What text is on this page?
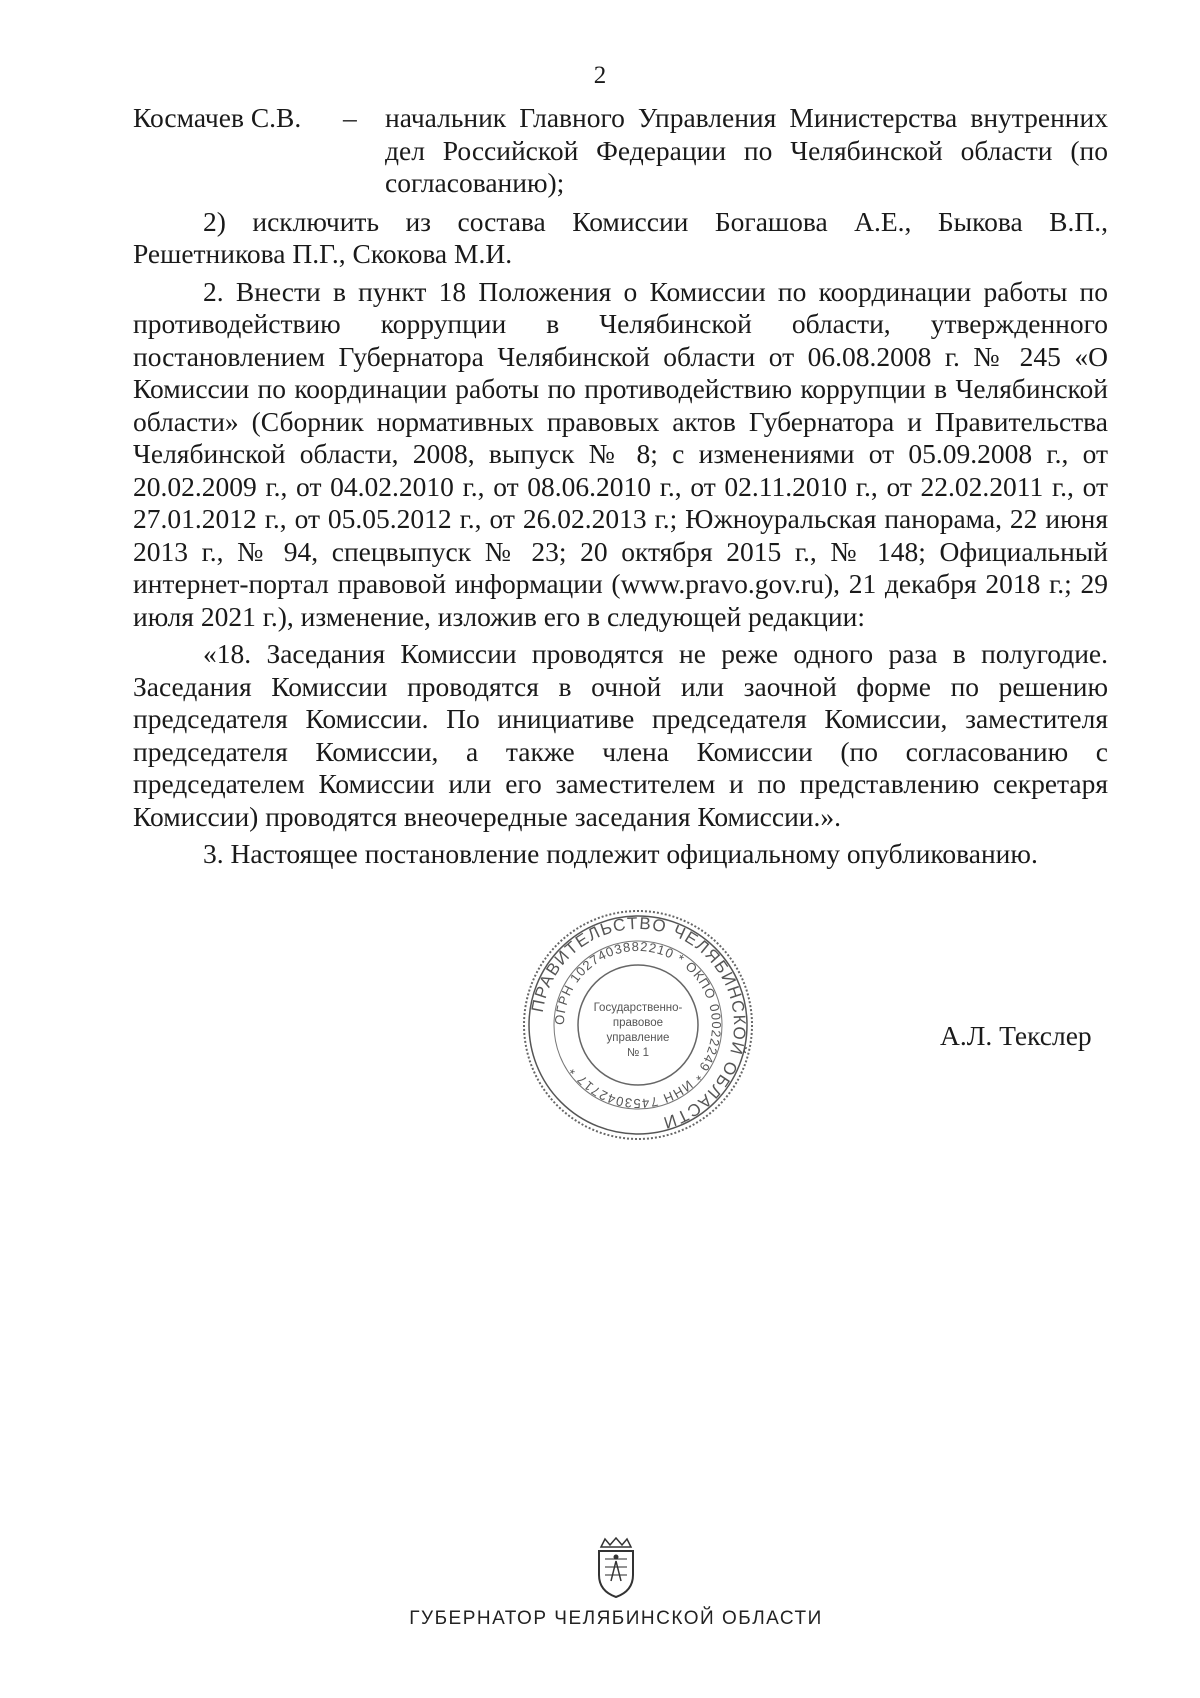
2
Космачев С.В.	–	начальник Главного Управления Министерства внутренних дел Российской Федерации по Челябинской области (по согласованию);

2) исключить из состава Комиссии Богашова А.Е., Быкова В.П., Решетникова П.Г., Скокова М.И.

2. Внести в пункт 18 Положения о Комиссии по координации работы по противодействию коррупции в Челябинской области, утвержденного постановлением Губернатора Челябинской области от 06.08.2008 г. № 245 «О Комиссии по координации работы по противодействию коррупции в Челябинской области» (Сборник нормативных правовых актов Губернатора и Правительства Челябинской области, 2008, выпуск № 8; с изменениями от 05.09.2008 г., от 20.02.2009 г., от 04.02.2010 г., от 08.06.2010 г., от 02.11.2010 г., от 22.02.2011 г., от 27.01.2012 г., от 05.05.2012 г., от 26.02.2013 г.; Южноуральская панорама, 22 июня 2013 г., № 94, спецвыпуск № 23; 20 октября 2015 г., № 148; Официальный интернет-портал правовой информации (www.pravo.gov.ru), 21 декабря 2018 г.; 29 июля 2021 г.), изменение, изложив его в следующей редакции:

«18. Заседания Комиссии проводятся не реже одного раза в полугодие. Заседания Комиссии проводятся в очной или заочной форме по решению председателя Комиссии. По инициативе председателя Комиссии, заместителя председателя Комиссии, а также члена Комиссии (по согласованию с председателем Комиссии или его заместителем и по представлению секретаря Комиссии) проводятся внеочередные заседания Комиссии.».

3. Настоящее постановление подлежит официальному опубликованию.

ПРАВИТЕЛЬСТВО ЧЕЛЯБИНСКОЙ ОБЛАСТИ
ОГРН 1027403882210 * ОКПО 00022249 * ИНН 7453042717 *
Государственно-
правовое
управление
№ 1
А.Л. Текслер
ГУБЕРНАТОР ЧЕЛЯБИНСКОЙ ОБЛАСТИ
